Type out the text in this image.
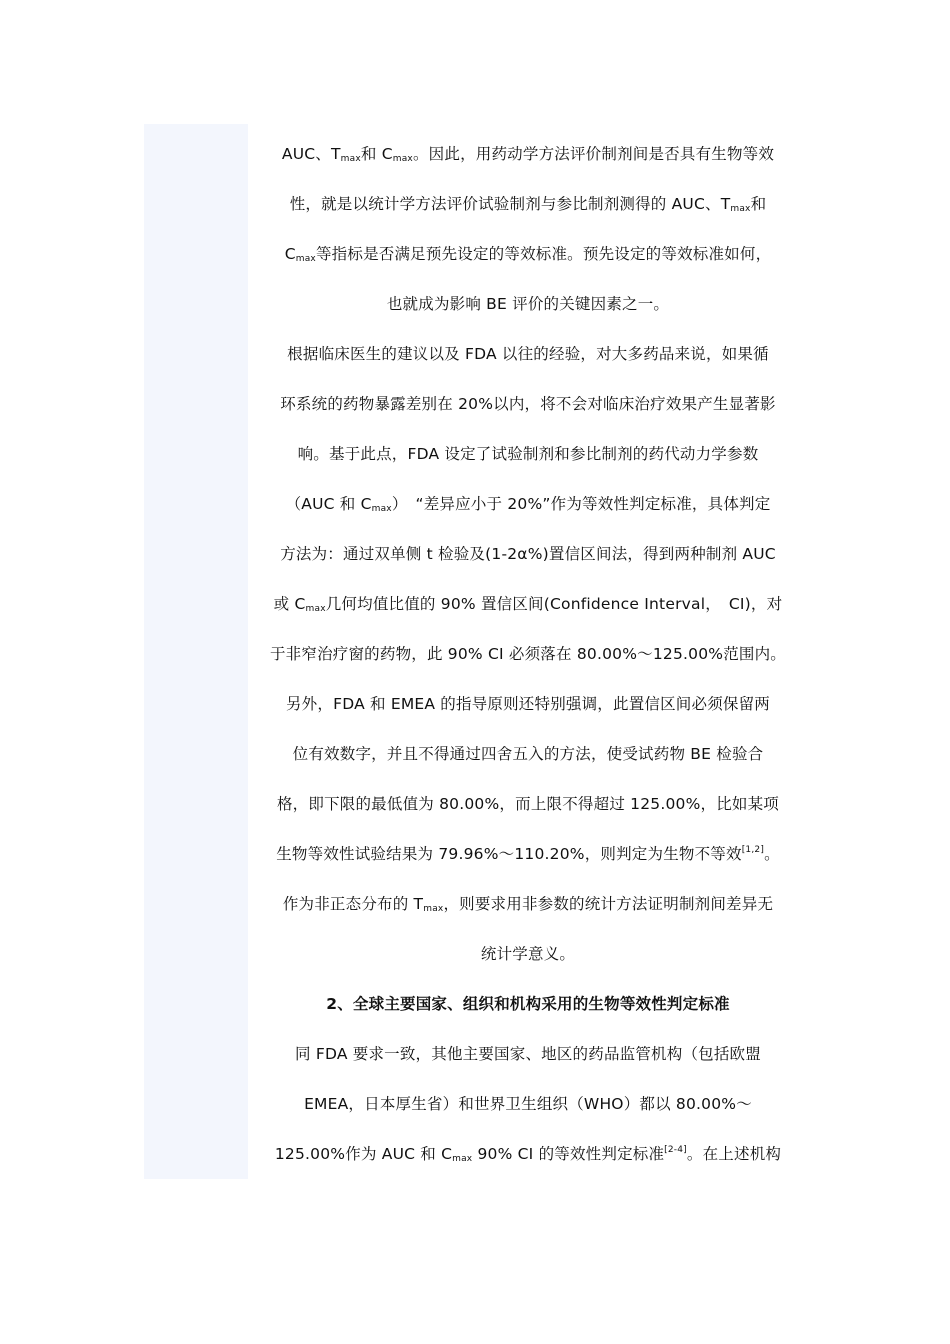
AUC、$T_{max}$和 $C_{max}$。因此，用药动学方法评价制剂间是否具有生物等效
性，就是以统计学方法评价试验制剂与参比制剂测得的 AUC、$T_{max}$和
$C_{max}$等指标是否满足预先设定的等效标准。预先设定的等效标准如何，
也就成为影响 BE 评价的关键因素之一。
根据临床医生的建议以及 FDA 以往的经验，对大多药品来说，如果循
环系统的药物暴露差别在 20%以内，将不会对临床治疗效果产生显著影
响。基于此点，FDA 设定了试验制剂和参比制剂的药代动力学参数
（AUC 和 $C_{max}$）　“差异应小于 20%”作为等效性判定标准，具体判定
方法为：通过双单侧 t 检验及(1-2α%)置信区间法，得到两种制剂 AUC
或 $C_{max}$几何均值比值的 90% 置信区间(Confidence Interval，　CI)，对
于非窄治疗窗的药物，此 90% CI 必须落在 80.00%～125.00%范围内。
另外，FDA 和 EMEA 的指导原则还特别强调，此置信区间必须保留两
位有效数字，并且不得通过四舍五入的方法，使受试药物 BE 检验合
格，即下限的最低值为 80.00%，而上限不得超过 125.00%，比如某项
生物等效性试验结果为 79.96%～110.20%，则判定为生物不等效[1,2]。
作为非正态分布的 $T_{max}$，则要求用非参数的统计方法证明制剂间差异无
统计学意义。
2、全球主要国家、组织和机构采用的生物等效性判定标准
同 FDA 要求一致，其他主要国家、地区的药品监管机构（包括欧盟
EMEA，日本厚生省）和世界卫生组织（WHO）都以 80.00%～
125.00%作为 AUC 和 $C_{max}$ 90% CI 的等效性判定标准[2-4]。在上述机构
